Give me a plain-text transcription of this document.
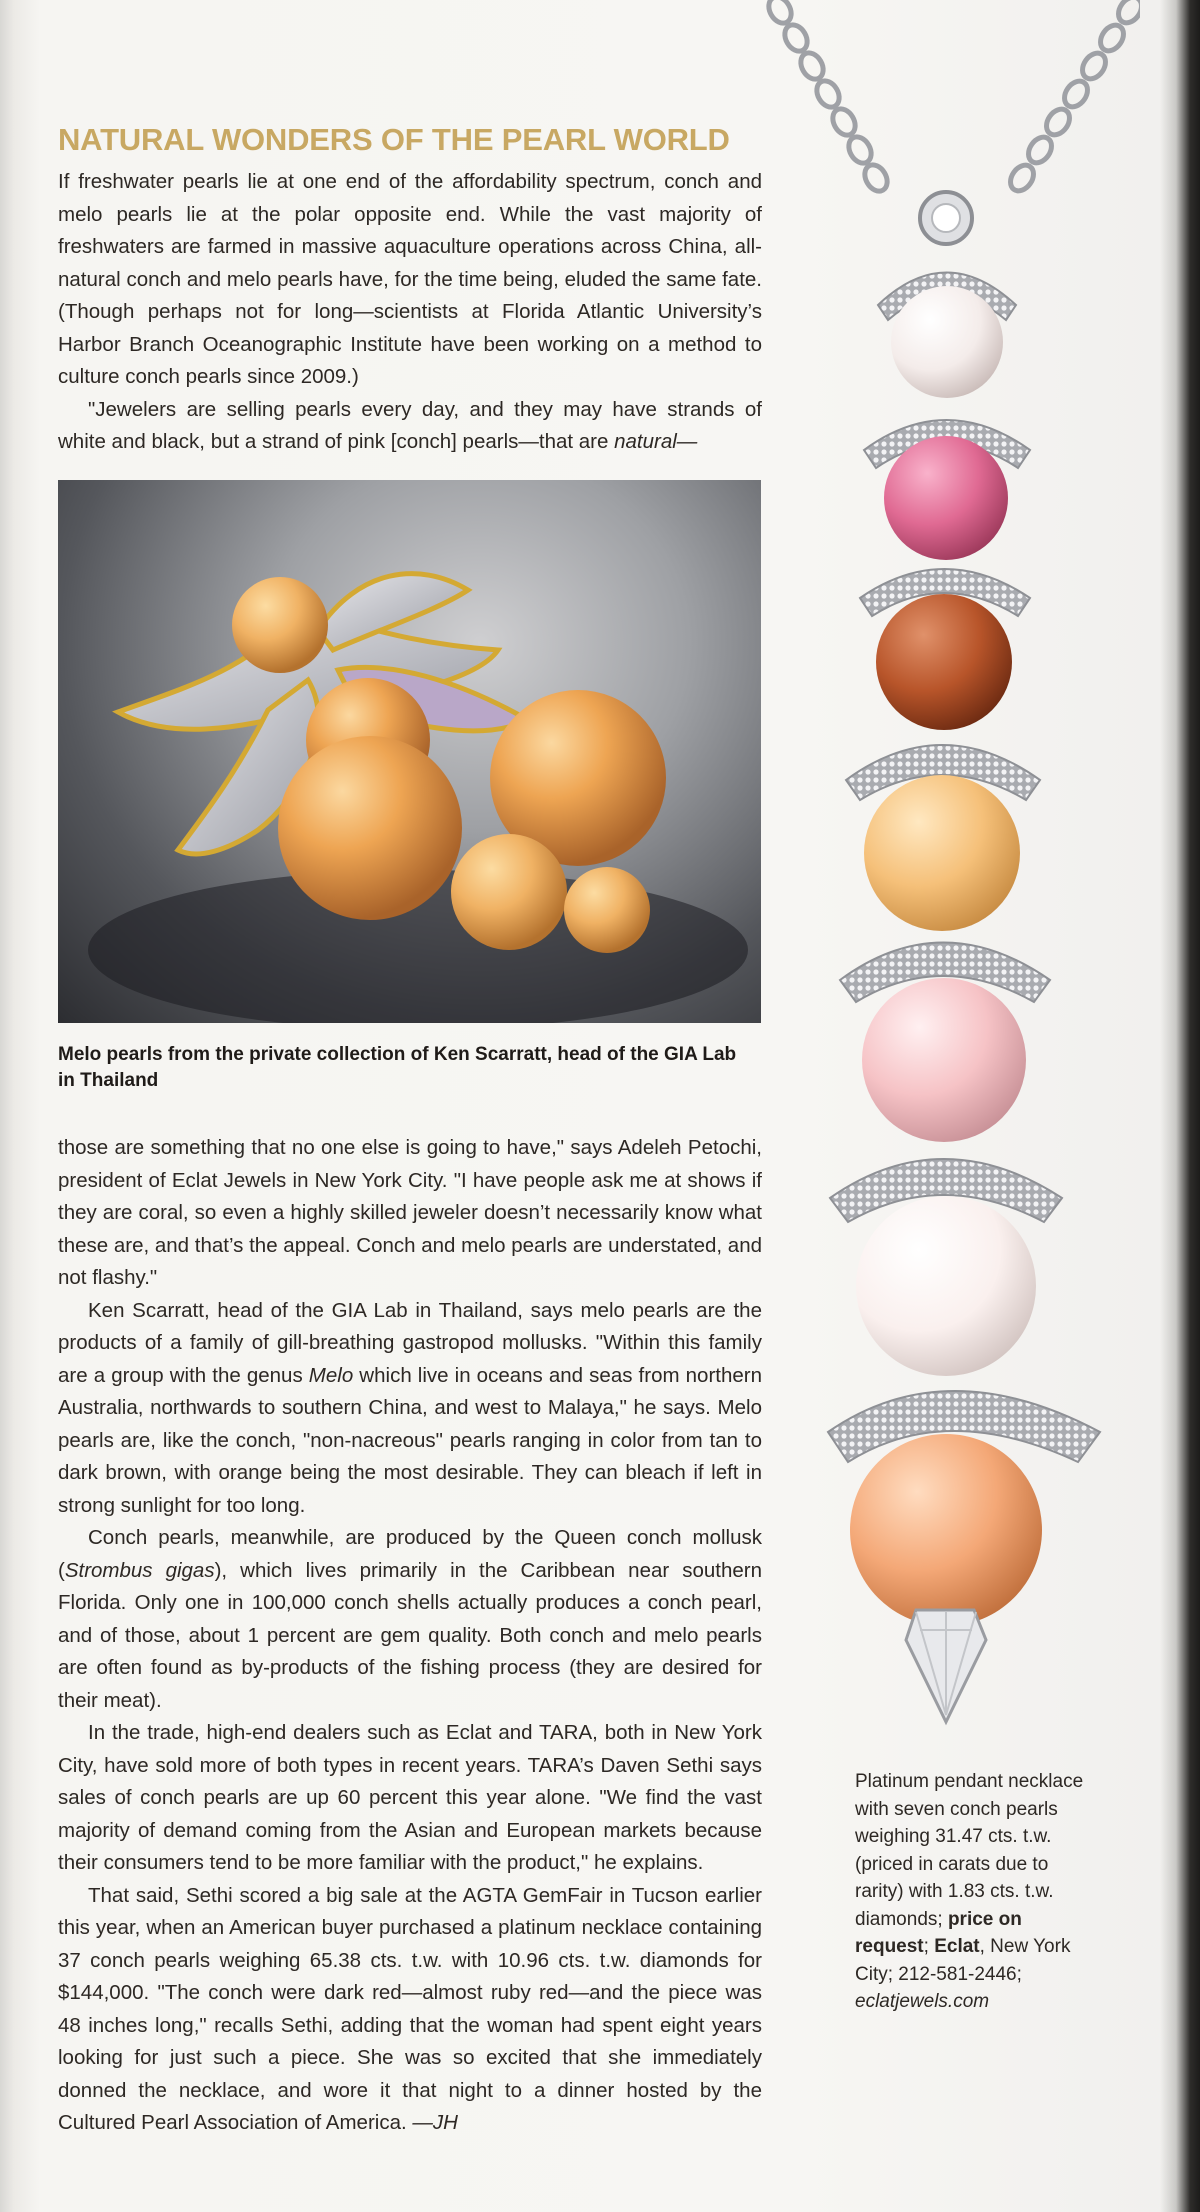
NATURAL WONDERS OF THE PEARL WORLD

If freshwater pearls lie at one end of the affordability spectrum, conch and melo pearls lie at the polar opposite end. While the vast majority of freshwaters are farmed in massive aquaculture operations across China, all-natural conch and melo pearls have, for the time being, eluded the same fate. (Though perhaps not for long—scientists at Florida Atlantic University’s Harbor Branch Oceanographic Institute have been working on a method to culture conch pearls since 2009.)

"Jewelers are selling pearls every day, and they may have strands of white and black, but a strand of pink [conch] pearls—that are natural—

Melo pearls from the private collection of Ken Scarratt, head of the GIA Lab in Thailand

those are something that no one else is going to have," says Adeleh Petochi, president of Eclat Jewels in New York City. "I have people ask me at shows if they are coral, so even a highly skilled jeweler doesn’t necessarily know what these are, and that’s the appeal. Conch and melo pearls are understated, and not flashy."

Ken Scarratt, head of the GIA Lab in Thailand, says melo pearls are the products of a family of gill-breathing gastropod mollusks. "Within this family are a group with the genus Melo which live in oceans and seas from northern Australia, northwards to southern China, and west to Malaya," he says. Melo pearls are, like the conch, "non-nacreous" pearls ranging in color from tan to dark brown, with orange being the most desirable. They can bleach if left in strong sunlight for too long.

Conch pearls, meanwhile, are produced by the Queen conch mollusk (Strombus gigas), which lives primarily in the Caribbean near southern Florida. Only one in 100,000 conch shells actually produces a conch pearl, and of those, about 1 percent are gem quality. Both conch and melo pearls are often found as by-products of the fishing process (they are desired for their meat).

In the trade, high-end dealers such as Eclat and TARA, both in New York City, have sold more of both types in recent years. TARA’s Daven Sethi says sales of conch pearls are up 60 percent this year alone. "We find the vast majority of demand coming from the Asian and European markets because their consumers tend to be more familiar with the product," he explains.

That said, Sethi scored a big sale at the AGTA GemFair in Tucson earlier this year, when an American buyer purchased a platinum necklace containing 37 conch pearls weighing 65.38 cts. t.w. with 10.96 cts. t.w. diamonds for $144,000. "The conch were dark red—almost ruby red—and the piece was 48 inches long," recalls Sethi, adding that the woman had spent eight years looking for just such a piece. She was so excited that she immediately donned the necklace, and wore it that night to a dinner hosted by the Cultured Pearl Association of America. —JH

Platinum pendant necklace with seven conch pearls weighing 31.47 cts. t.w. (priced in carats due to rarity) with 1.83 cts. t.w. diamonds; price on request; Eclat, New York City; 212-581-2446; eclatjewels.com
